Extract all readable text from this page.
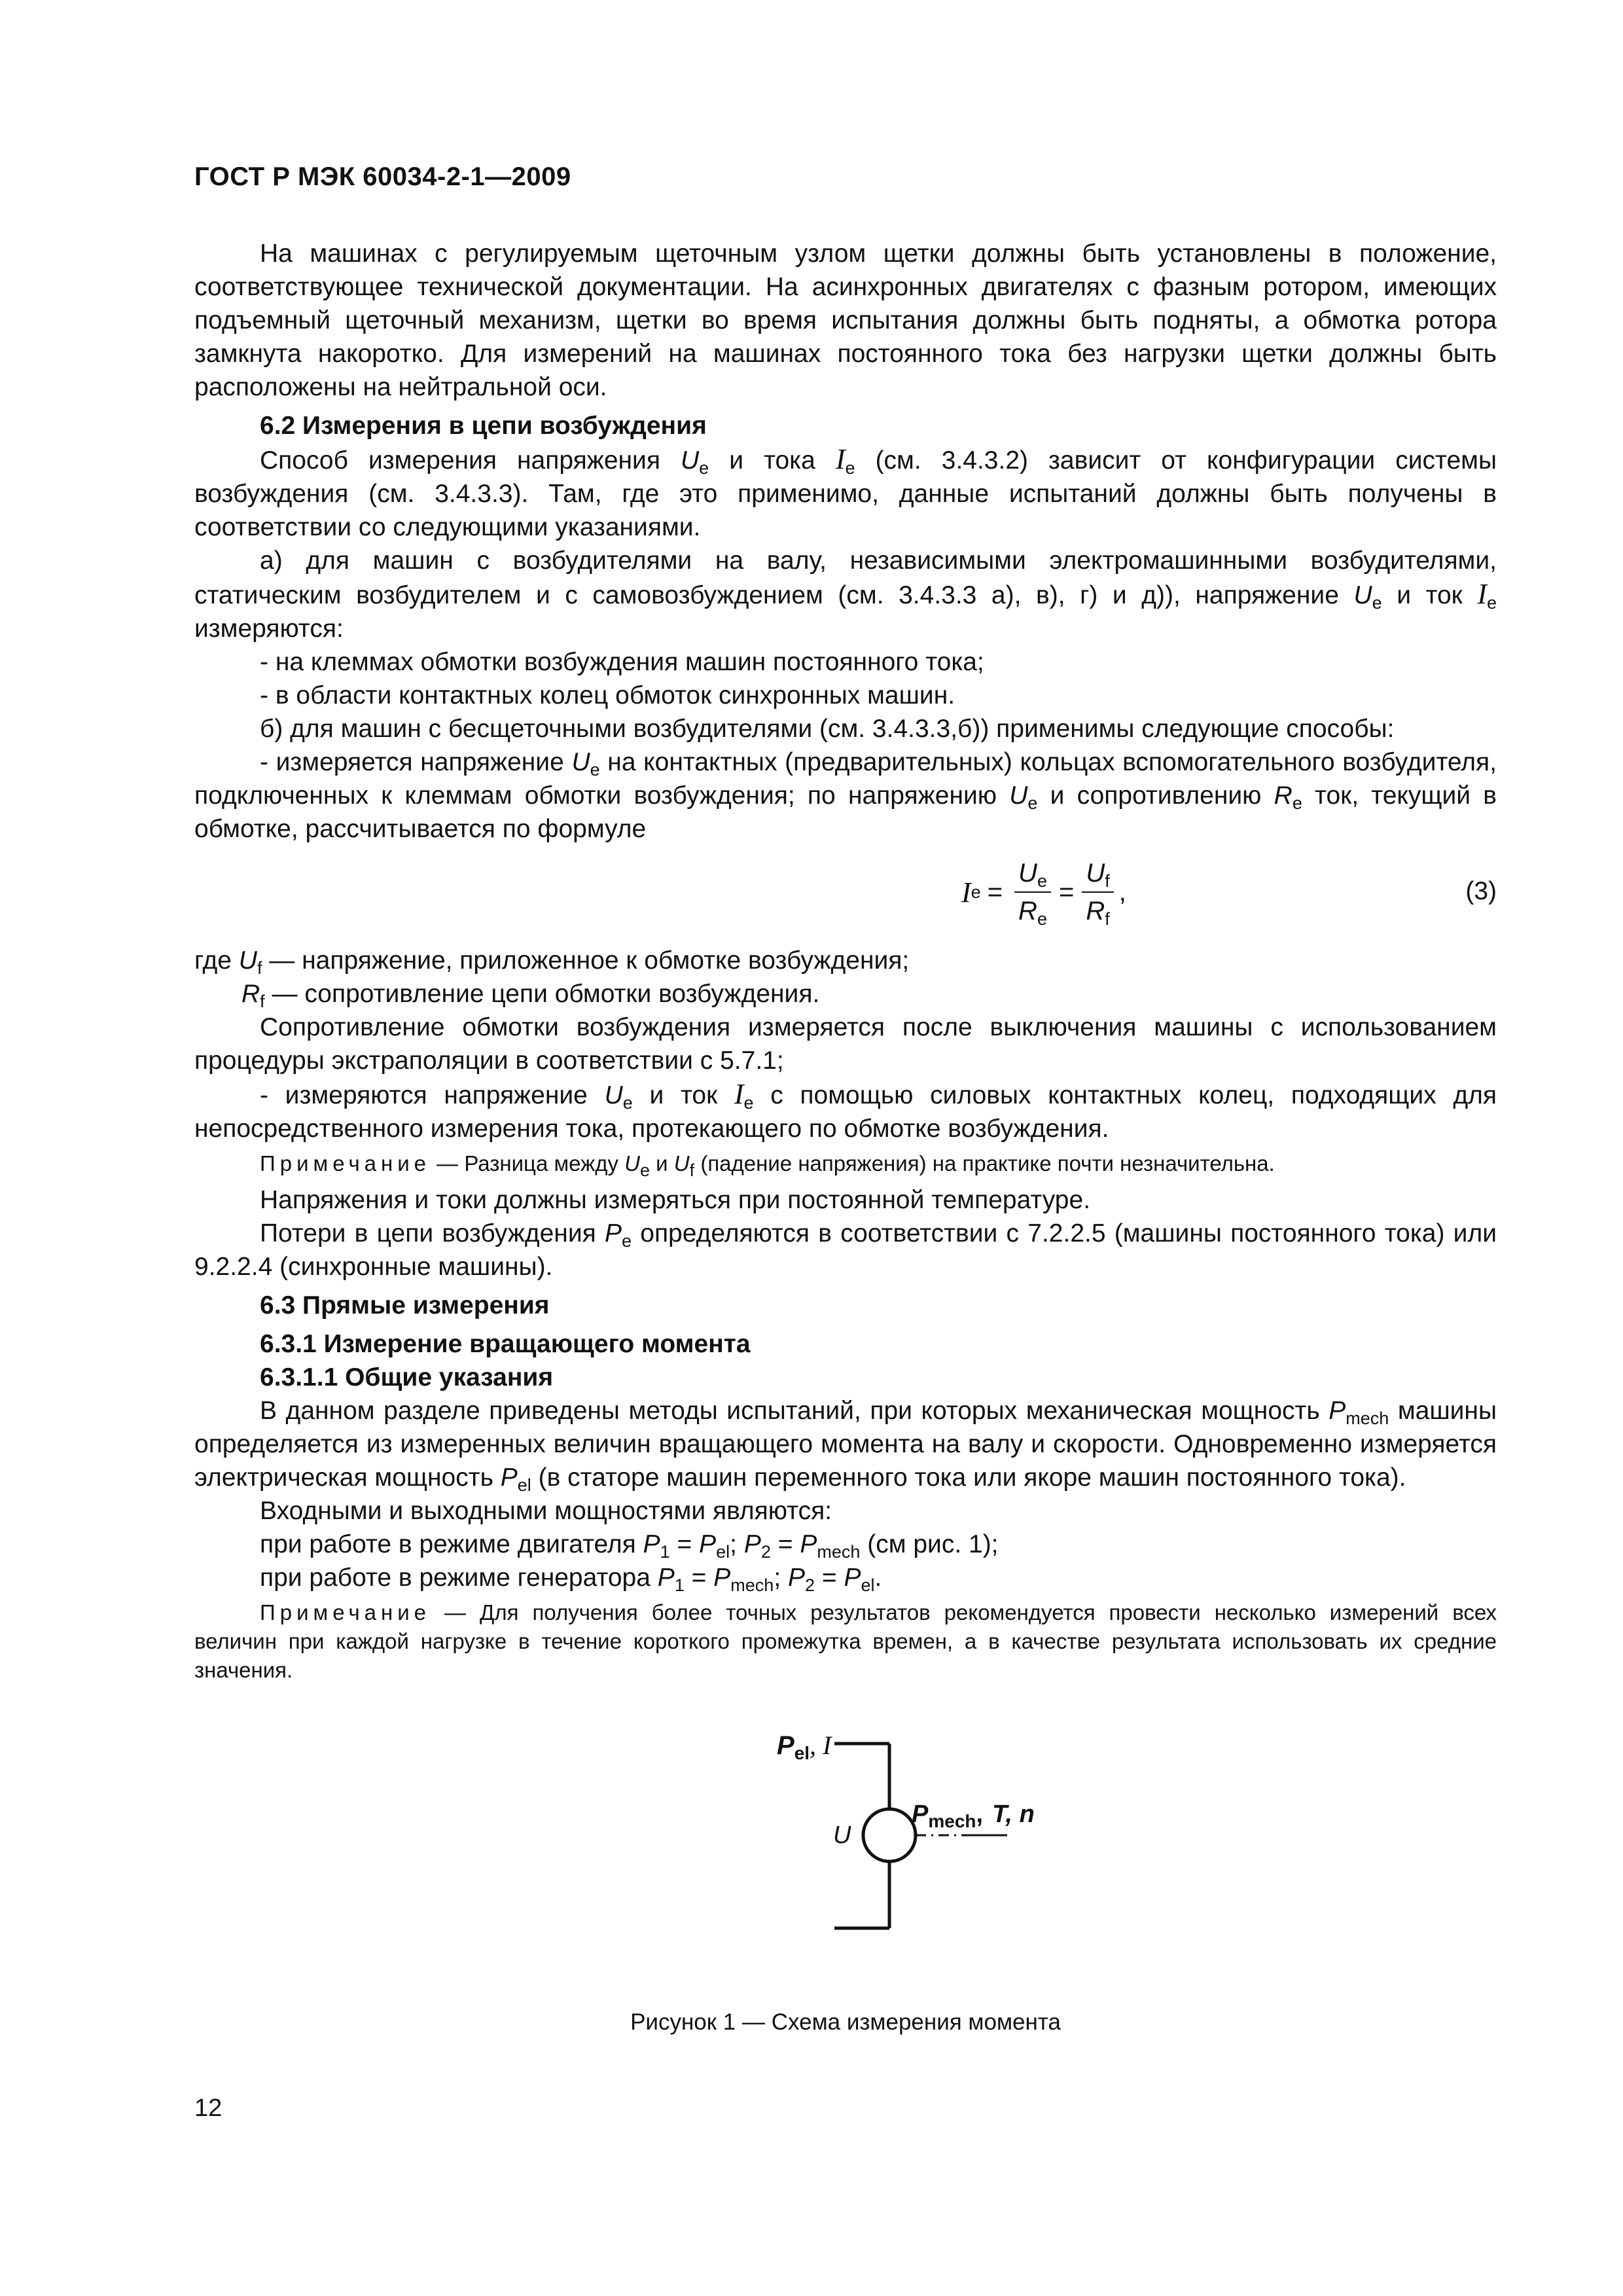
ГОСТ Р МЭК 60034-2-1—2009

На машинах с регулируемым щеточным узлом щетки должны быть установлены в положение, соответствующее технической документации. На асинхронных двигателях с фазным ротором, имеющих подъемный щеточный механизм, щетки во время испытания должны быть подняты, а обмотка ротора замкнута накоротко. Для измерений на машинах постоянного тока без нагрузки щетки должны быть расположены на нейтральной оси.

6.2 Измерения в цепи возбуждения

Способ измерения напряжения $U_е$ и тока $I_е$ (см. 3.4.3.2) зависит от конфигурации системы возбуждения (см. 3.4.3.3). Там, где это применимо, данные испытаний должны быть получены в соответствии со следующими указаниями.

а) для машин с возбудителями на валу, независимыми электромашинными возбудителями, статическим возбудителем и с самовозбуждением (см. 3.4.3.3 а), в), г) и д)), напряжение $U_е$ и ток $I_е$ измеряются:

- на клеммах обмотки возбуждения машин постоянного тока;

- в области контактных колец обмоток синхронных машин.

б) для машин с бесщеточными возбудителями (см. 3.4.3.3,б)) применимы следующие способы:

- измеряется напряжение $U_е$ на контактных (предварительных) кольцах вспомогательного возбудителя, подключенных к клеммам обмотки возбуждения; по напряжению $U_е$ и сопротивлению $R_е$ ток, текущий в обмотке, рассчитывается по формуле

I $е = \frac{U_е}{R_е} = \frac{U_f}{R_f}$ ,	(3)

где $U_f$ — напряжение, приложенное к обмотке возбуждения;

$R_f$ — сопротивление цепи обмотки возбуждения.

Сопротивление обмотки возбуждения измеряется после выключения машины с использованием процедуры экстраполяции в соответствии с 5.7.1;

- измеряются напряжение $U_е$ и ток $I_е$ с помощью силовых контактных колец, подходящих для непосредственного измерения тока, протекающего по обмотке возбуждения.

Примечание — Разница между $U_е$ и $U_f$ (падение напряжения) на практике почти незначительна.

Напряжения и токи должны измеряться при постоянной температуре.

Потери в цепи возбуждения $P_е$ определяются в соответствии с 7.2.2.5 (машины постоянного тока) или 9.2.2.4 (синхронные машины).

6.3 Прямые измерения

6.3.1 Измерение вращающего момента

6.3.1.1 Общие указания

В данном разделе приведены методы испытаний, при которых механическая мощность $P_{mech}$ машины определяется из измеренных величин вращающего момента на валу и скорости. Одновременно измеряется электрическая мощность $P_{el}$ (в статоре машин переменного тока или якоре машин постоянного тока).

Входными и выходными мощностями являются:

при работе в режиме двигателя $P_1 = P_{el}$; $P_2 = P_{mech}$ (см рис. 1);

при работе в режиме генератора $P_1 = P_{mech}$; $P_2 = P_{el}$.

Примечание — Для получения более точных результатов рекомендуется провести несколько измерений всех величин при каждой нагрузке в течение короткого промежутка времен, а в качестве результата использовать их средние значения.

$P_{el}$, I
U
$P_{mech}$, T, n

Рисунок 1 — Схема измерения момента

12
